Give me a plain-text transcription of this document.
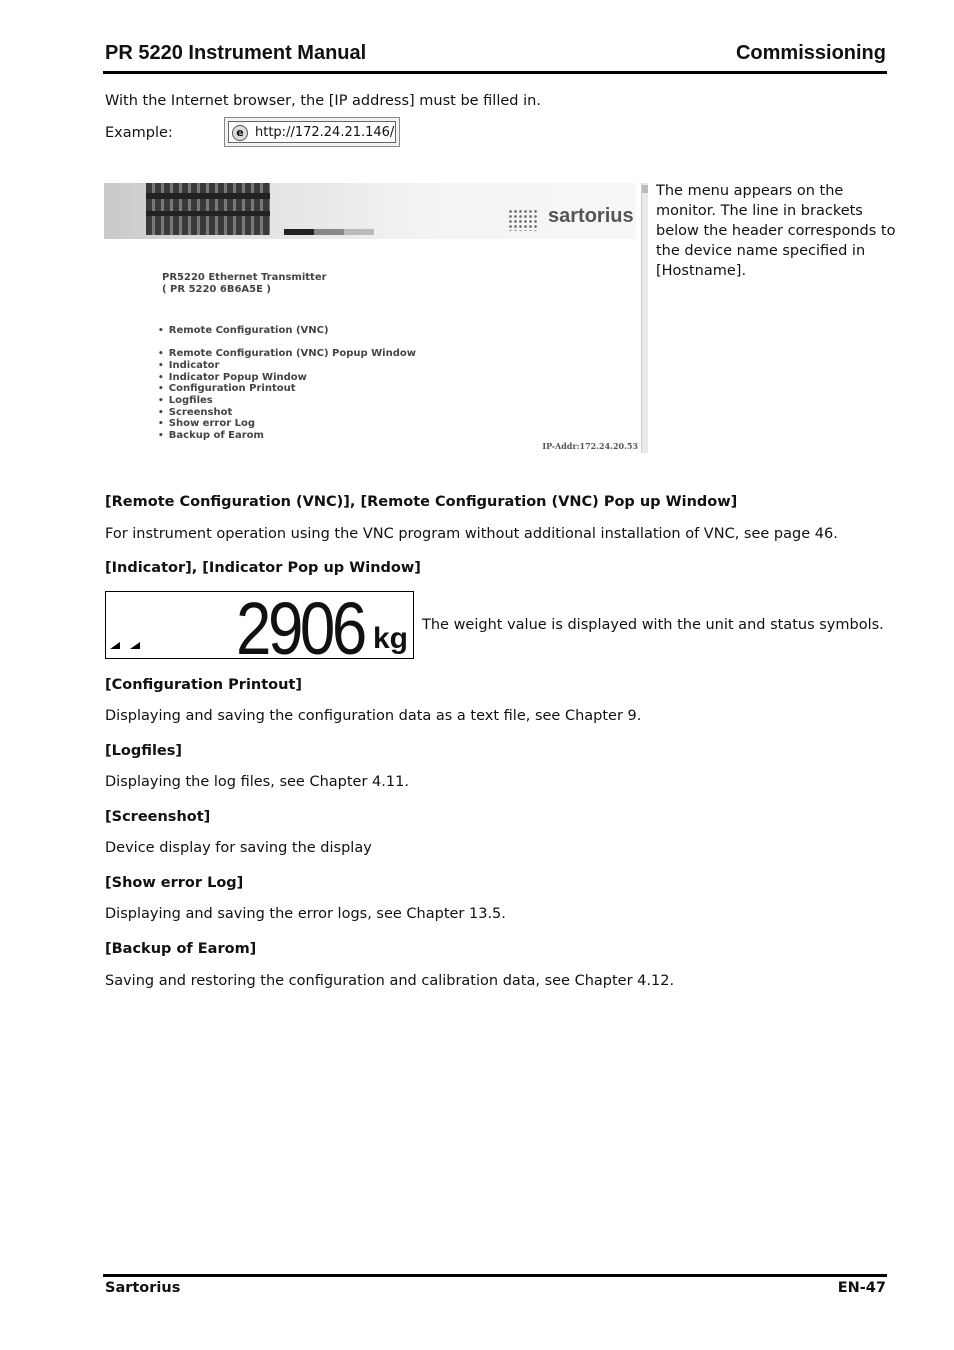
PR 5220 Instrument Manual	Commissioning
With the Internet browser, the [IP address] must be filled in.
Example:	e http://172.24.21.146/
sartorius
PR5220 Ethernet Transmitter
( PR 5220 6B6A5E )
• Remote Configuration (VNC)
• Remote Configuration (VNC) Popup Window
• Indicator
• Indicator Popup Window
• Configuration Printout
• Logfiles
• Screenshot
• Show error Log
• Backup of Earom
IP-Addr:172.24.20.53
The menu appears on the monitor. The line in brackets below the header corresponds to the device name specified in [Hostname].
[Remote Configuration (VNC)], [Remote Configuration (VNC) Pop up Window]
For instrument operation using the VNC program without additional installation of VNC, see page 46.
[Indicator], [Indicator Pop up Window]
2906 kg The weight value is displayed with the unit and status symbols.
[Configuration Printout]
Displaying and saving the configuration data as a text file, see Chapter 9.
[Logfiles]
Displaying the log files, see Chapter 4.11.
[Screenshot]
Device display for saving the display
[Show error Log]
Displaying and saving the error logs, see Chapter 13.5.
[Backup of Earom]
Saving and restoring the configuration and calibration data, see Chapter 4.12.
Sartorius	EN-47
